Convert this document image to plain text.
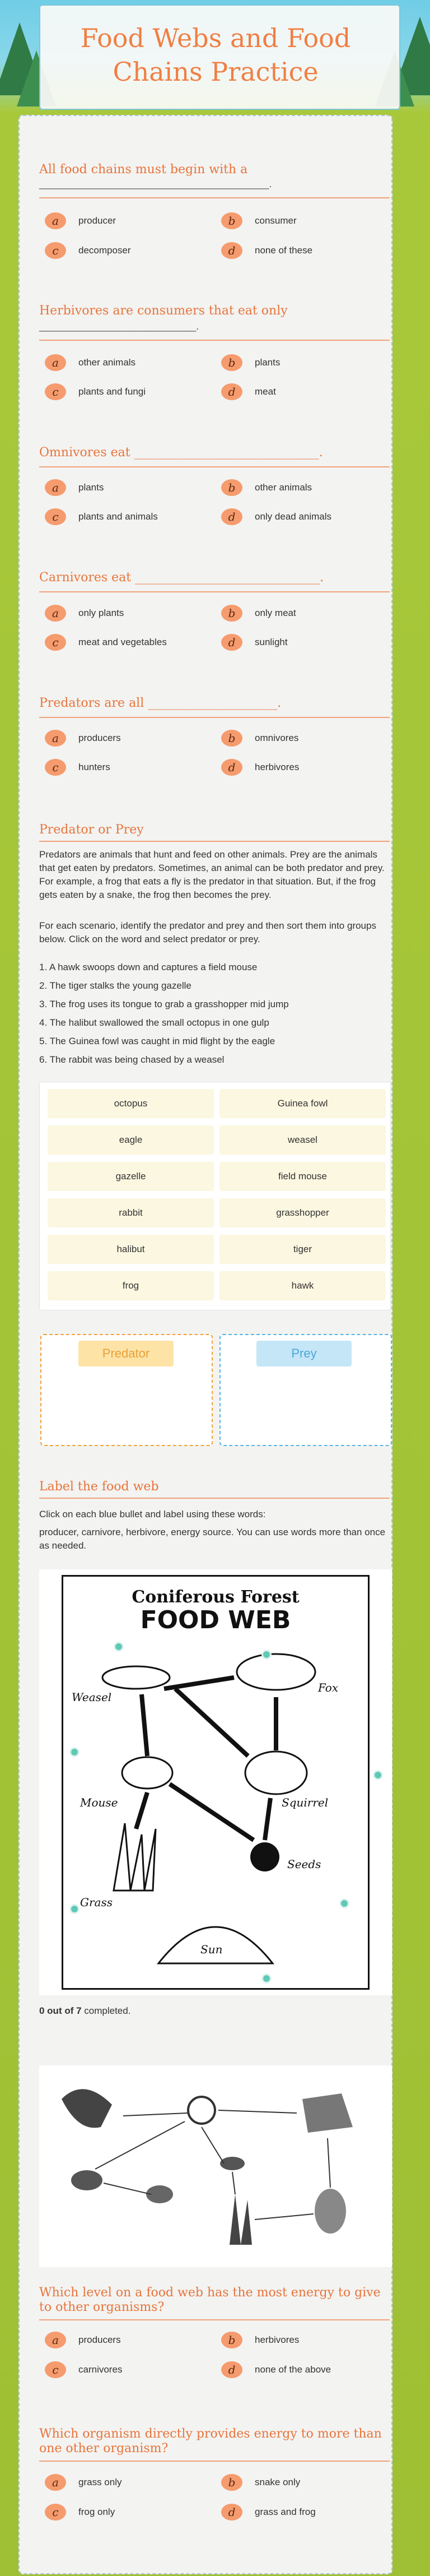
Food Webs and Food Chains Practice
All food chains must begin with a
_________________________________________.
a	producer	b	consumer
c	decomposer	d	none of these
Herbivores are consumers that eat only
____________________________.
a	other animals	b	plants
c	plants and fungi	d	meat
Omnivores eat ______________________________.
a	plants	b	other animals
c	plants and animals	d	only dead animals
Carnivores eat ______________________________.
a	only plants	b	only meat
c	meat and vegetables	d	sunlight
Predators are all _____________________.
a	producers	b	omnivores
c	hunters	d	herbivores
Predator or Prey
Predators are animals that hunt and feed on other animals. Prey are the animals that get eaten by predators. Sometimes, an animal can be both predator and prey. For example, a frog that eats a fly is the predator in that situation. But, if the frog gets eaten by a snake, the frog then becomes the prey.
For each scenario, identify the predator and prey and then sort them into groups below. Click on the word and select predator or prey.
1. A hawk swoops down and captures a field mouse
2. The tiger stalks the young gazelle
3. The frog uses its tongue to grab a grasshopper mid jump
4. The halibut swallowed the small octopus in one gulp
5. The Guinea fowl was caught in mid flight by the eagle
6. The rabbit was being chased by a weasel
octopus	Guinea fowl
eagle	weasel
gazelle	field mouse
rabbit	grasshopper
halibut	tiger
frog	hawk
Predator	Prey
Label the food web
Click on each blue bullet and label using these words:
producer, carnivore, herbivore, energy source. You can use words more than once as needed.
Coniferous Forest
FOOD WEB
Weasel
Fox
Mouse	Squirrel
Grass
Seeds
Sun
0 out of 7 completed.
Which level on a food web has the most energy to give to other organisms?
a	producers	b	herbivores
c	carnivores	d	none of the above
Which organism directly provides energy to more than one other organism?
a	grass only	b	snake only
c	frog only	d	grass and frog
